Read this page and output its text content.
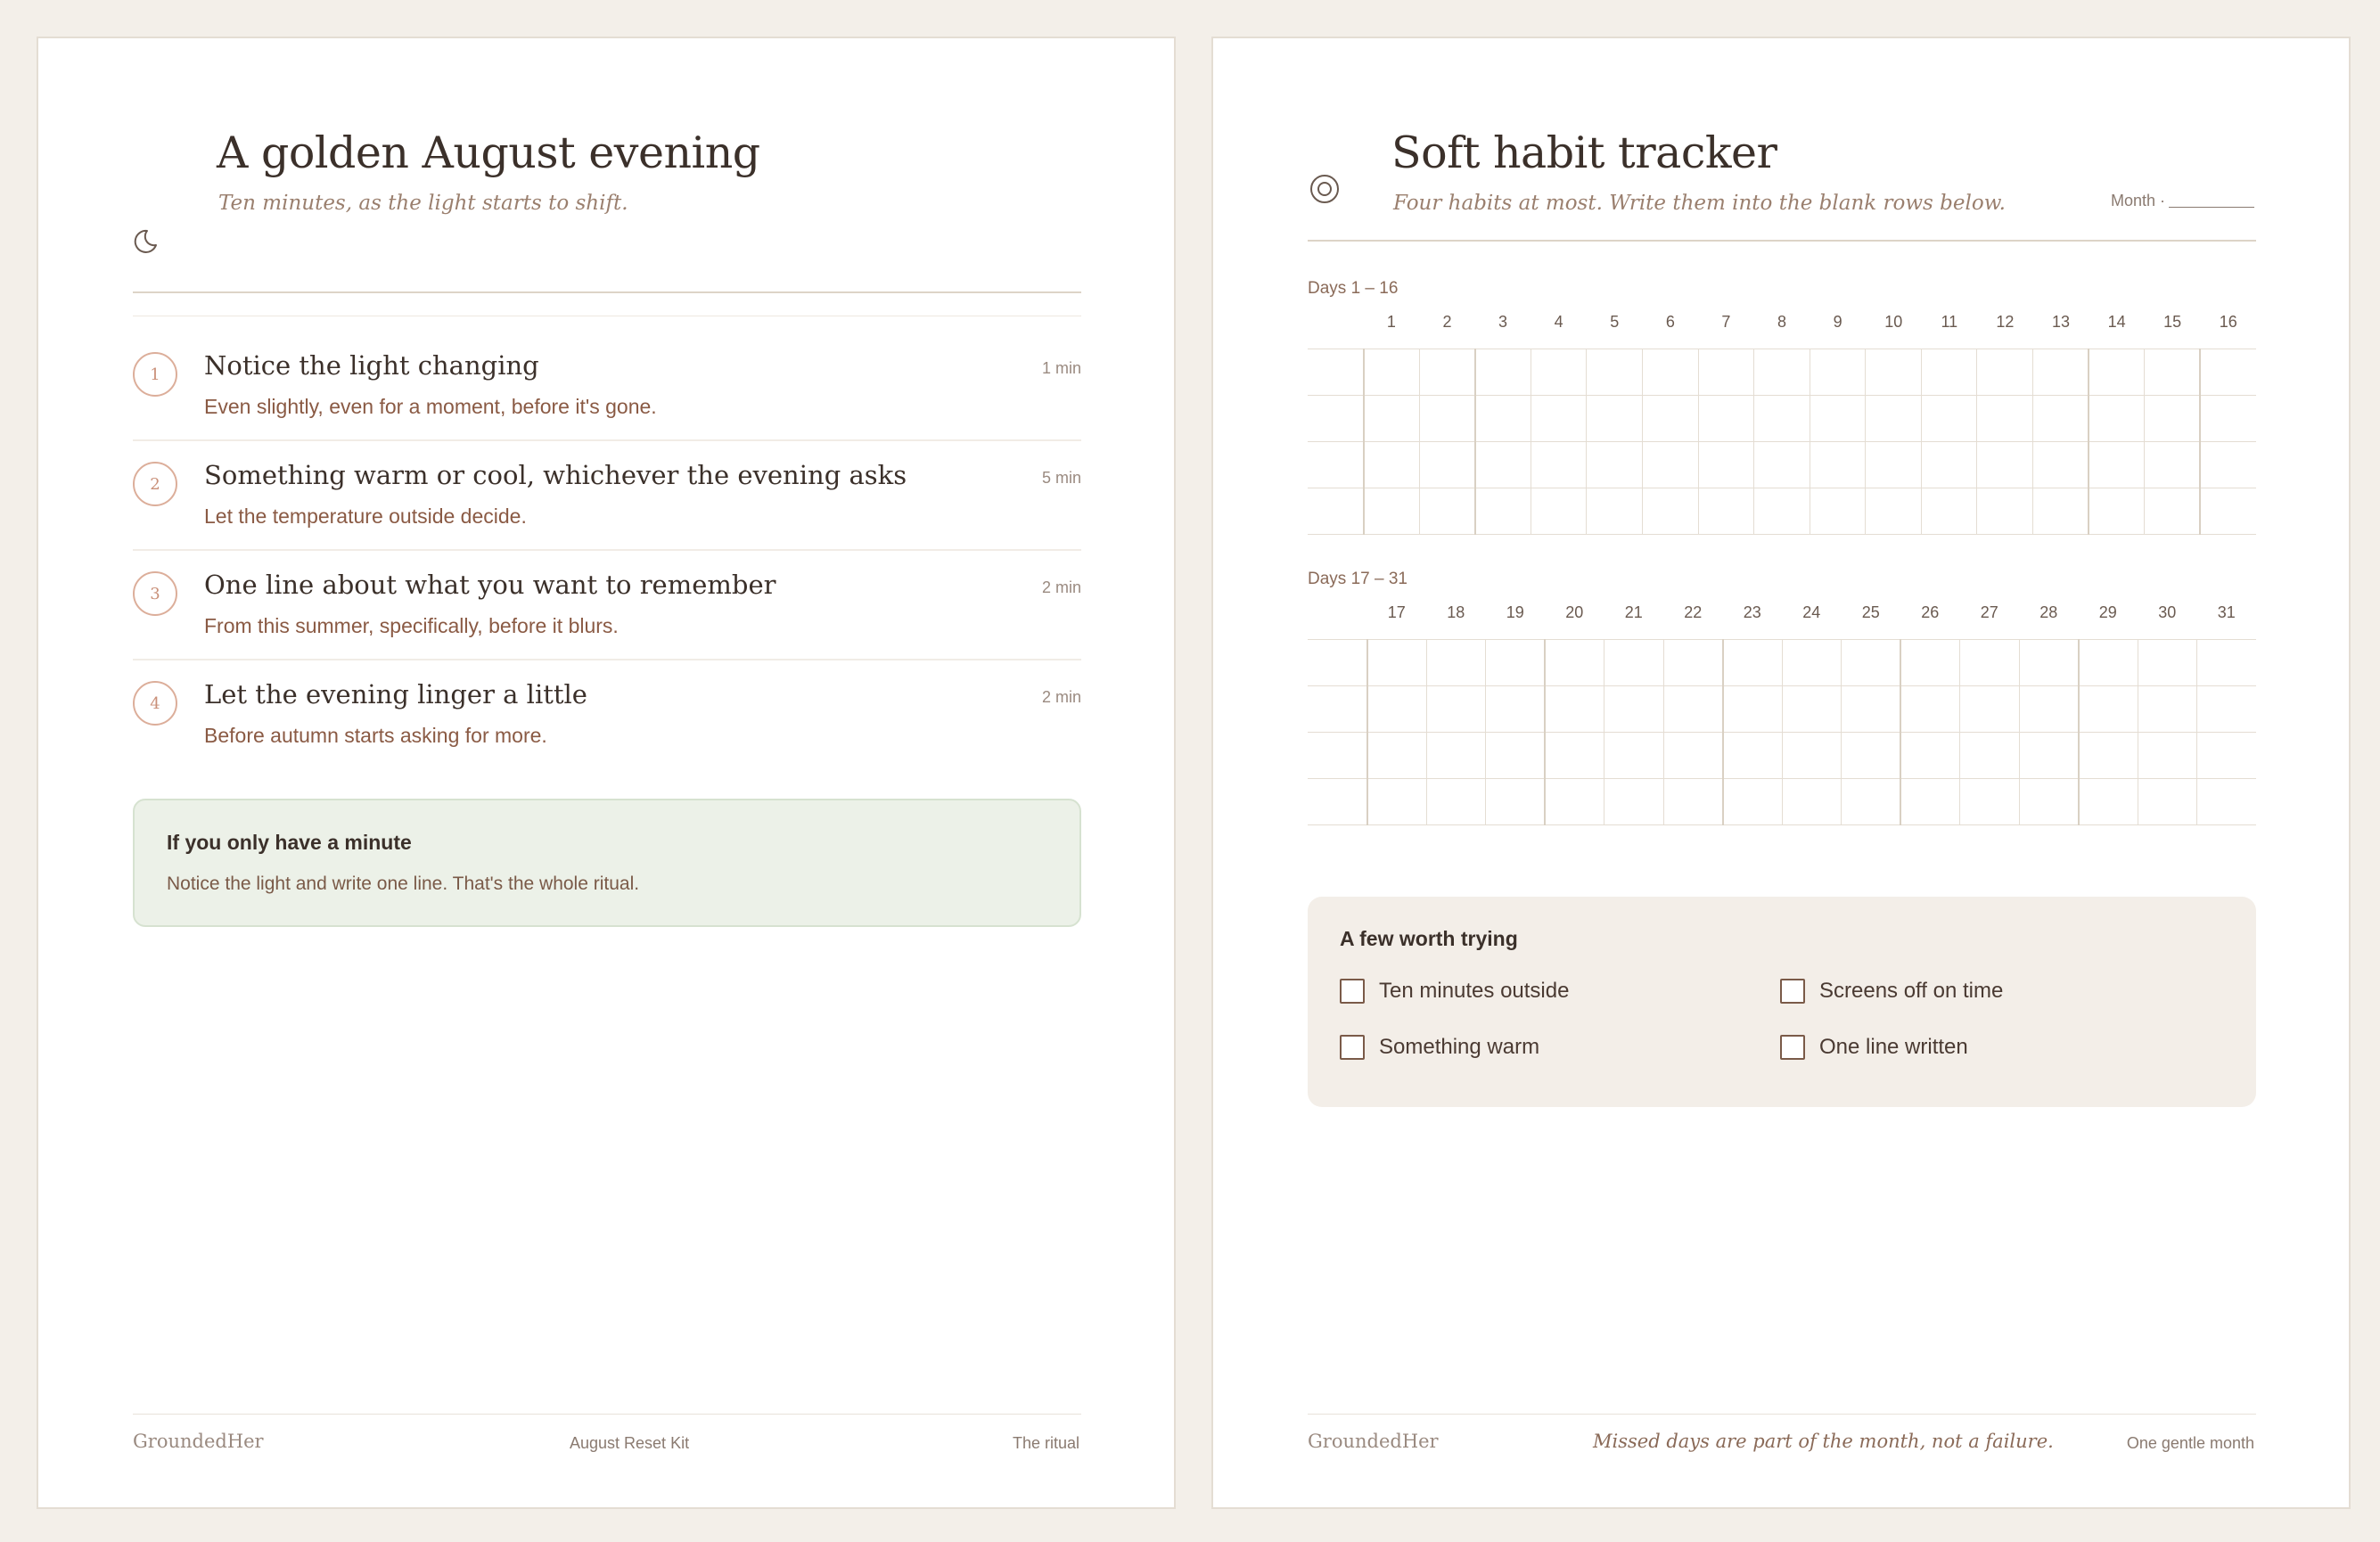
A golden August evening
Ten minutes, as the light starts to shift.
1	Notice the light changing
Even slightly, even for a moment, before it's gone.
1 min
2	Something warm or cool, whichever the evening asks
Let the temperature outside decide.
5 min
3	One line about what you want to remember
From this summer, specifically, before it blurs.
2 min
4	Let the evening linger a little
Before autumn starts asking for more.
2 min
If you only have a minute
Notice the light and write one line. That's the whole ritual.
GroundedHer	August Reset Kit	The ritual
Soft habit tracker
Four habits at most. Write them into the blank rows below.	Month ·
Days 1 – 16
1	2	3	4	5	6	7	8	9	10	11	12	13	14	15	16

Days 17 – 31
17	18	19	20	21	22	23	24	25	26	27	28	29	30	31

A few worth trying
Ten minutes outside	Screens off on time
Something warm	One line written
GroundedHer	Missed days are part of the month, not a failure.	One gentle month
